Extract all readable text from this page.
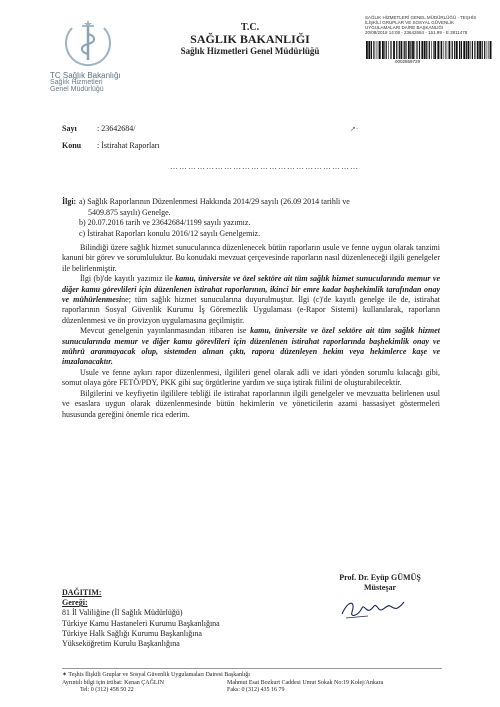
TC Sağlık Bakanlığı
Sağlık Hizmetleri
Genel Müdürlüğü
T.C.
SAĞLIK BAKANLIĞI
Sağlık Hizmetleri Genel Müdürlüğü
SAĞLIK HİZMETLERİ GENEL MÜDÜRLÜĞÜ - TEŞHİS
İLİŞKİLİ GRUPLAR VE SOSYAL GÜVENLİK
UYGULAMALARI DAİRE BAŞKANLIĞI
20/08/2018 14:08 - 23642684 - 151.99 - E.3811478
0002869729
Sayı	: 23642684/
Konu : İstirahat Raporları
↗·
………………………………………………………
İlgi: a) Sağlık Raporlarının Düzenlenmesi Hakkında 2014/29 sayılı (26.09 2014 tarihli ve
5409.875 sayılı) Genelge.
b) 20.07.2016 tarih ve 23642684/1199 sayılı yazımız.
c) İstirahat Raporları konulu 2016/12 sayılı Genelgemiz.

Bilindiği üzere sağlık hizmet sunucularınca düzenlenecek bütün raporların usule ve fenne uygun olarak tanzimi kanuni bir görev ve sorumluluktur. Bu konudaki mevzuat çerçevesinde raporların nasıl düzenleneceği ilgili genelgeler ile belirlenmiştir.

İlgi (b)'de kayıtlı yazımız ile kamu, üniversite ve özel sektöre ait tüm sağlık hizmet sunucularında memur ve diğer kamu görevlileri için düzenlenen istirahat raporlarının, ikinci bir emre kadar başhekimlik tarafından onay ve mühürlenmesine; tüm sağlık hizmet sunucularına duyurulmuştur. İlgi (c)'de kayıtlı genelge ile de, istirahat raporlarının Sosyal Güvenlik Kurumu İş Göremezlik Uygulaması (e-Rapor Sistemi) kullanılarak, raporların düzenlenmesi ve ön provizyon uygulamasına geçilmiştir.

Mevcut genelgenin yayınlanmasından itibaren ise kamu, üniversite ve özel sektöre ait tüm sağlık hizmet sunucularında memur ve diğer kamu görevlileri için düzenlenen istirahat raporlarında başhekimlik onay ve mührü aranmayacak olup, sistemden alınan çıktı, raporu düzenleyen hekim veya hekimlerce kaşe ve imzalanacaktır.

Usule ve fenne aykırı rapor düzenlenmesi, ilgilileri genel olarak adli ve idari yönden sorumlu kılacağı gibi, somut olaya göre FETÖ/PDY, PKK gibi suç örgütlerine yardım ve suça iştirak fiilini de oluşturabilecektir.

Bilgilerini ve keyfiyetin ilgililere tebliği ile istirahat raporlarının ilgili genelgeler ve mevzuatta belirlenen usul ve esaslara uygun olarak düzenlenmesinde bütün hekimlerin ve yöneticilerin azami hassasiyet göstermeleri hususunda gereğini önemle rica ederim.

Prof. Dr. Eyüp GÜMÜŞ
Müsteşar
DAĞITIM:
Gereği:
81 İl Valiliğine (İl Sağlık Müdürlüğü)
Türkiye Kamu Hastaneleri Kurumu Başkanlığına
Türkiye Halk Sağlığı Kurumu Başkanlığına
Yükseköğretim Kurulu Başkanlığına
✶ Teşhis İlişkili Gruplar ve Sosyal Güvenlik Uygulamaları Dairesi Başkanlığı
Ayrıntılı bilgi için irtibat: Kenan ÇAĞLIN	Mahmut Esat Bozkurt Caddesi Umut Sokak No:19 Kolej/Ankara
Tel: 0 (312) 458 50 22	Faks: 0 (312) 435 16 79
